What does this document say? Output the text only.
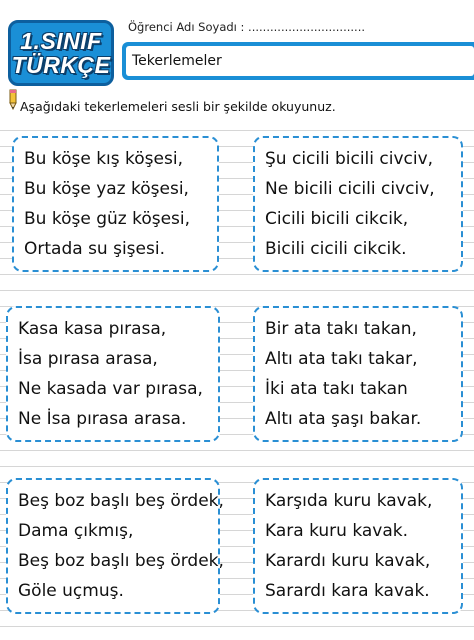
1.SINIF
TÜRKÇE
Öğrenci Adı Soyadı : ................................
Tekerlemeler
Aşağıdaki tekerlemeleri sesli bir şekilde okuyunuz.
Bu köşe kış köşesi,
Bu köşe yaz köşesi,
Bu köşe güz köşesi,
Ortada su şişesi.
Şu cicili bicili civciv,
Ne bicili cicili civciv,
Cicili bicili cikcik,
Bicili cicili cikcik.
Kasa kasa pırasa,
İsa pırasa arasa,
Ne kasada var pırasa,
Ne İsa pırasa arasa.
Bir ata takı takan,
Altı ata takı takar,
İki ata takı takan
Altı ata şaşı bakar.
Beş boz başlı beş ördek,
Dama çıkmış,
Beş boz başlı beş ördek,
Göle uçmuş.
Karşıda kuru kavak,
Kara kuru kavak.
Karardı kuru kavak,
Sarardı kara kavak.
